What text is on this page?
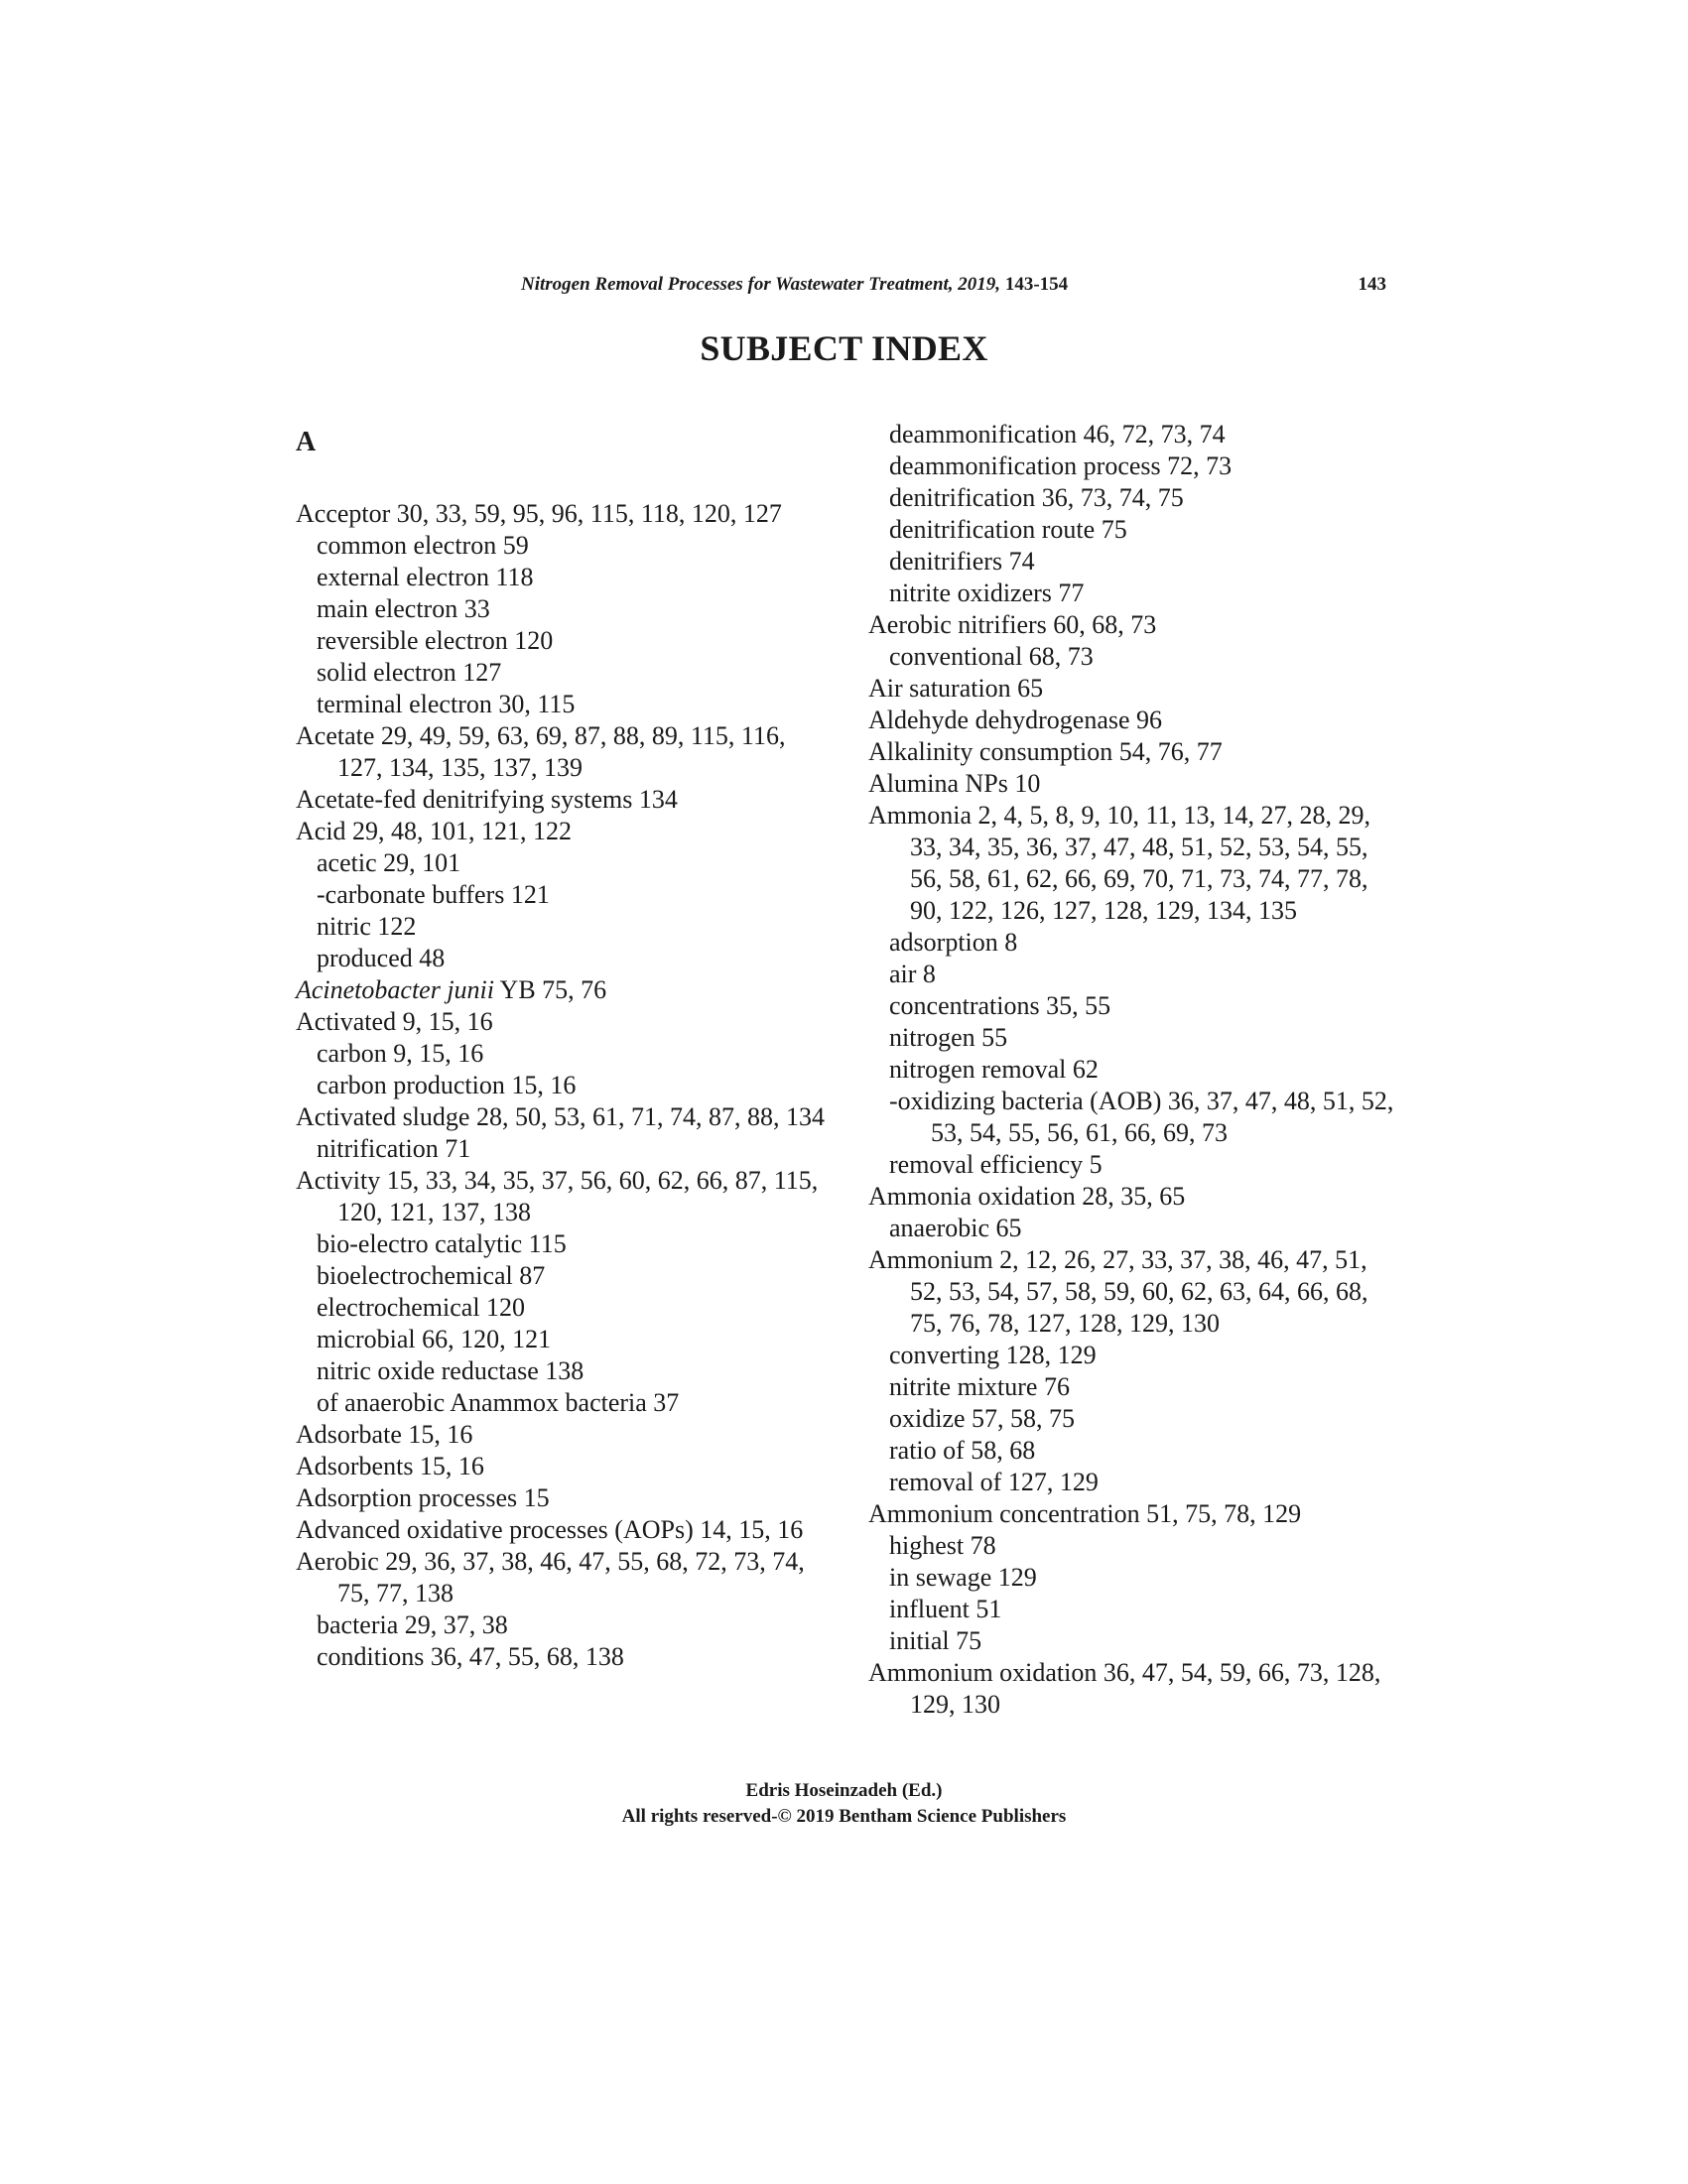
Nitrogen Removal Processes for Wastewater Treatment, 2019, 143-154	143
SUBJECT INDEX
A
Acceptor 30, 33, 59, 95, 96, 115, 118, 120, 127
common electron 59
external electron 118
main electron 33
reversible electron 120
solid electron 127
terminal electron 30, 115
Acetate 29, 49, 59, 63, 69, 87, 88, 89, 115, 116, 127, 134, 135, 137, 139
Acetate-fed denitrifying systems 134
Acid 29, 48, 101, 121, 122
acetic 29, 101
-carbonate buffers 121
nitric 122
produced 48
Acinetobacter junii YB 75, 76
Activated 9, 15, 16
carbon 9, 15, 16
carbon production 15, 16
Activated sludge 28, 50, 53, 61, 71, 74, 87, 88, 134
nitrification 71
Activity 15, 33, 34, 35, 37, 56, 60, 62, 66, 87, 115, 120, 121, 137, 138
bio-electro catalytic 115
bioelectrochemical 87
electrochemical 120
microbial 66, 120, 121
nitric oxide reductase 138
of anaerobic Anammox bacteria 37
Adsorbate 15, 16
Adsorbents 15, 16
Adsorption processes 15
Advanced oxidative processes (AOPs) 14, 15, 16
Aerobic 29, 36, 37, 38, 46, 47, 55, 68, 72, 73, 74, 75, 77, 138
bacteria 29, 37, 38
conditions 36, 47, 55, 68, 138
deammonification 46, 72, 73, 74
deammonification process 72, 73
denitrification 36, 73, 74, 75
denitrification route 75
denitrifiers 74
nitrite oxidizers 77
Aerobic nitrifiers 60, 68, 73
conventional 68, 73
Air saturation 65
Aldehyde dehydrogenase 96
Alkalinity consumption 54, 76, 77
Alumina NPs 10
Ammonia 2, 4, 5, 8, 9, 10, 11, 13, 14, 27, 28, 29, 33, 34, 35, 36, 37, 47, 48, 51, 52, 53, 54, 55, 56, 58, 61, 62, 66, 69, 70, 71, 73, 74, 77, 78, 90, 122, 126, 127, 128, 129, 134, 135
adsorption 8
air 8
concentrations 35, 55
nitrogen 55
nitrogen removal 62
-oxidizing bacteria (AOB) 36, 37, 47, 48, 51, 52, 53, 54, 55, 56, 61, 66, 69, 73
removal efficiency 5
Ammonia oxidation 28, 35, 65
anaerobic 65
Ammonium 2, 12, 26, 27, 33, 37, 38, 46, 47, 51, 52, 53, 54, 57, 58, 59, 60, 62, 63, 64, 66, 68, 75, 76, 78, 127, 128, 129, 130
converting 128, 129
nitrite mixture 76
oxidize 57, 58, 75
ratio of 58, 68
removal of 127, 129
Ammonium concentration 51, 75, 78, 129
highest 78
in sewage 129
influent 51
initial 75
Ammonium oxidation 36, 47, 54, 59, 66, 73, 128, 129, 130
Edris Hoseinzadeh (Ed.)
All rights reserved-© 2019 Bentham Science Publishers
